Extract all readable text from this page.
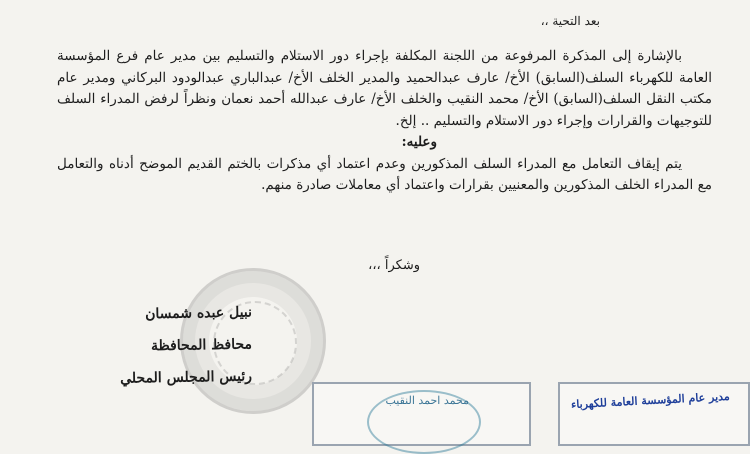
بعد التحية ،،

بالإشارة إلى المذكرة المرفوعة من اللجنة المكلفة بإجراء دور الاستلام والتسليم بين مدير عام فرع المؤسسة العامة للكهرباء السلف(السابق) الأخ/ عارف عبدالحميد والمدير الخلف الأخ/ عبدالباري عبدالودود البركاني ومدير عام مكتب النقل السلف(السابق) الأخ/ محمد النقيب والخلف الأخ/ عارف عبدالله أحمد نعمان ونظراً لرفض المدراء السلف للتوجيهات والقرارات وإجراء دور الاستلام والتسليم .. إلخ.

وعليه:

يتم إيقاف التعامل مع المدراء السلف المذكورين وعدم اعتماد أي مذكرات بالختم القديم الموضح أدناه والتعامل مع المدراء الخلف المذكورين والمعنيين بقرارات واعتماد أي معاملات صادرة منهم.

وشكراً ،،،
نبيل عبده شمسان
محافظ المحافظة
رئيس المجلس المحلي
محمد احمد النقيب	مدير عام المؤسسة العامة للكهرباء
